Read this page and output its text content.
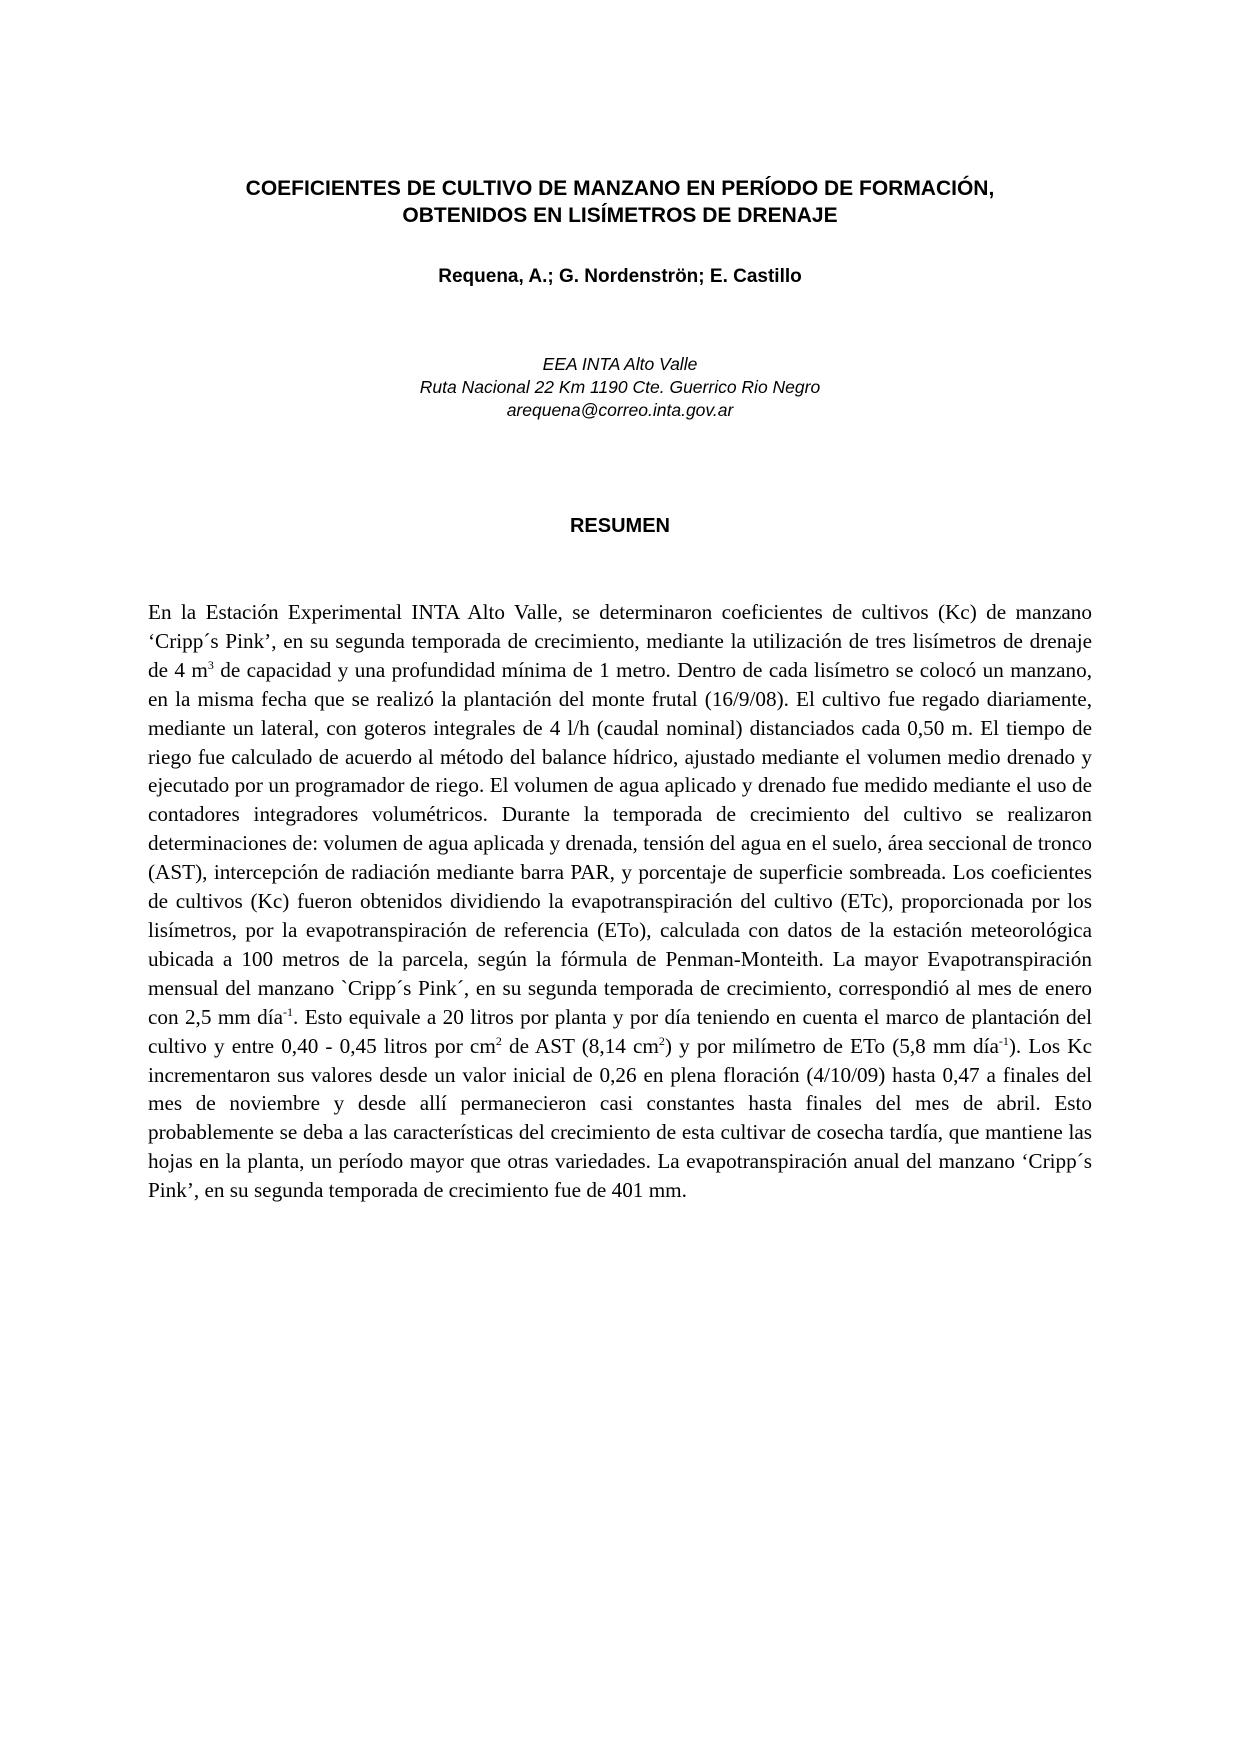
COEFICIENTES DE CULTIVO DE MANZANO EN PERÍODO DE FORMACIÓN,
OBTENIDOS EN LISÍMETROS DE DRENAJE

Requena, A.; G. Nordenströn; E. Castillo

EEA INTA Alto Valle
Ruta Nacional 22 Km 1190 Cte. Guerrico Rio Negro
arequena@correo.inta.gov.ar

RESUMEN

En la Estación Experimental INTA Alto Valle, se determinaron coeficientes de cultivos (Kc) de manzano ‘Cripp´s Pink’, en su segunda temporada de crecimiento, mediante la utilización de tres lisímetros de drenaje de 4 $m^3$ de capacidad y una profundidad mínima de 1 metro. Dentro de cada lisímetro se colocó un manzano, en la misma fecha que se realizó la plantación del monte frutal (16/9/08). El cultivo fue regado diariamente, mediante un lateral, con goteros integrales de 4 l/h (caudal nominal) distanciados cada 0,50 m. El tiempo de riego fue calculado de acuerdo al método del balance hídrico, ajustado mediante el volumen medio drenado y ejecutado por un programador de riego. El volumen de agua aplicado y drenado fue medido mediante el uso de contadores integradores volumétricos. Durante la temporada de crecimiento del cultivo se realizaron determinaciones de: volumen de agua aplicada y drenada, tensión del agua en el suelo, área seccional de tronco (AST), intercepción de radiación mediante barra PAR, y porcentaje de superficie sombreada. Los coeficientes de cultivos (Kc) fueron obtenidos dividiendo la evapotranspiración del cultivo (ETc), proporcionada por los lisímetros, por la evapotranspiración de referencia (ETo), calculada con datos de la estación meteorológica ubicada a 100 metros de la parcela, según la fórmula de Penman-Monteith. La mayor Evapotranspiración mensual del manzano `Cripp´s Pink´, en su segunda temporada de crecimiento, correspondió al mes de enero con 2,5 mm día$^{-1}$. Esto equivale a 20 litros por planta y por día teniendo en cuenta el marco de plantación del cultivo y entre 0,40 - 0,45 litros por $cm^2$ de AST (8,14 $cm^2$) y por milímetro de ETo (5,8 mm día$^{-1}$). Los Kc incrementaron sus valores desde un valor inicial de 0,26 en plena floración (4/10/09) hasta 0,47 a finales del mes de noviembre y desde allí permanecieron casi constantes hasta finales del mes de abril. Esto probablemente se deba a las características del crecimiento de esta cultivar de cosecha tardía, que mantiene las hojas en la planta, un período mayor que otras variedades. La evapotranspiración anual del manzano ‘Cripp´s Pink’, en su segunda temporada de crecimiento fue de 401 mm.
